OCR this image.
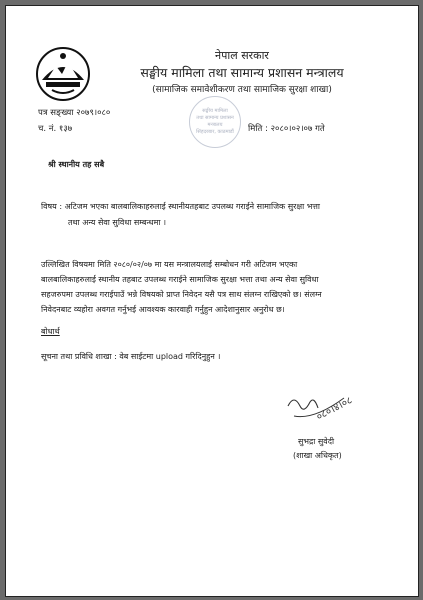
नेपाल सरकार
सङ्घीय मामिला तथा सामान्य प्रशासन मन्त्रालय
(सामाजिक समावेशीकरण तथा सामाजिक सुरक्षा शाखा)
सङ्घीय मामिला
तथा सामान्य प्रशासन
मन्त्रालय
सिंहदरबार, काठमाडौं
पत्र सङ्ख्या २०७९।०८०
च. नं. १३७	मिति : २०८०।०२।०७ गते
श्री स्थानीय तह सबै
विषय : अटिजम भएका बालबालिकाहरुलाई स्थानीयतहबाट उपलब्ध गराईने सामाजिक सुरक्षा भत्ता
तथा अन्य सेवा सुविधा सम्बन्धमा ।
उल्लिखित विषयमा मिति २०८०/०२/०७ मा यस मन्त्रालयलाई सम्बोधन गरी अटिजम भएका
बालबालिकाहरुलाई स्थानीय तहबाट उपलब्ध गराईने सामाजिक सुरक्षा भत्ता तथा अन्य सेवा सुविधा
सहजरुपमा उपलब्ध गराईपाउँ भन्ने विषयको प्राप्त निवेदन यसै पत्र साथ संलग्न राखिएको छ। संलग्न
निवेदनबाट व्यहोरा अवगत गर्नुभई आवश्यक कारवाही गर्नुहुन आदेशानुसार अनुरोध छ।
बोधार्थ
सूचना तथा प्रविधि शाखा : वेब साईटमा upload गरिदिनुहुन ।
०८०।४।०८
सुभद्रा सुवेदी
(शाखा अधिकृत)
